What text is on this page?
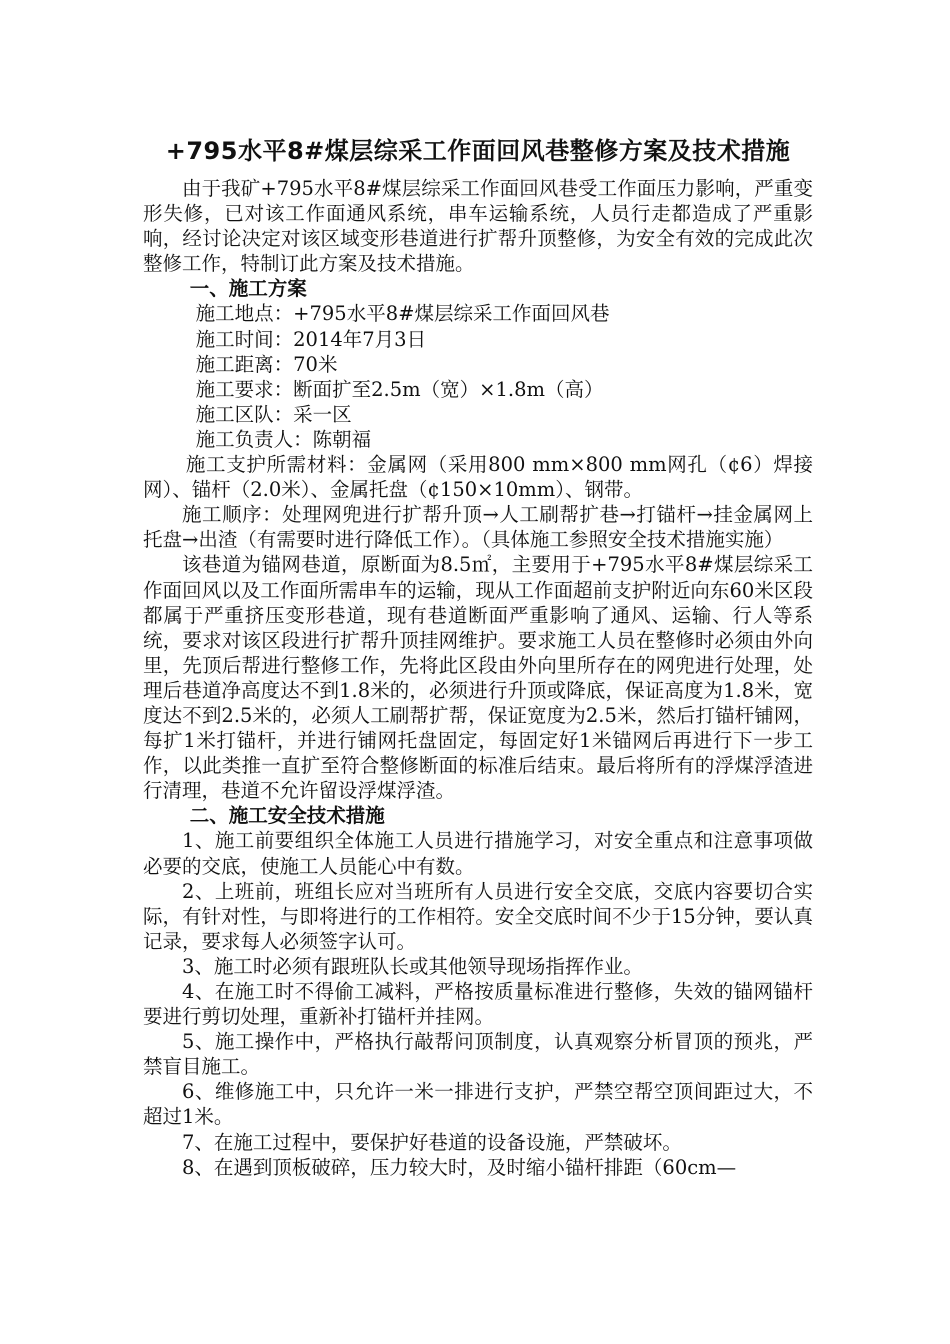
+795水平8#煤层综采工作面回风巷整修方案及技术措施

由于我矿+795水平8#煤层综采工作面回风巷受工作面压力影响，严重变形失修，已对该工作面通风系统，串车运输系统，人员行走都造成了严重影响，经讨论决定对该区域变形巷道进行扩帮升顶整修，为安全有效的完成此次整修工作，特制订此方案及技术措施。

一、施工方案

施工地点：+795水平8#煤层综采工作面回风巷

施工时间：2014年7月3日

施工距离：70米

施工要求：断面扩至2.5m（宽）×1.8m（高）

施工区队：采一区

施工负责人：陈朝福

施工支护所需材料：金属网（采用800 mm×800 mm网孔（¢6）焊接网）、锚杆（2.0米）、金属托盘（¢150×10mm）、钢带。

施工顺序：处理网兜进行扩帮升顶→人工刷帮扩巷→打锚杆→挂金属网上托盘→出渣（有需要时进行降低工作）。（具体施工参照安全技术措施实施）

该巷道为锚网巷道，原断面为8.5㎡，主要用于+795水平8#煤层综采工作面回风以及工作面所需串车的运输，现从工作面超前支护附近向东60米区段都属于严重挤压变形巷道，现有巷道断面严重影响了通风、运输、行人等系统，要求对该区段进行扩帮升顶挂网维护。要求施工人员在整修时必须由外向里，先顶后帮进行整修工作，先将此区段由外向里所存在的网兜进行处理，处理后巷道净高度达不到1.8米的，必须进行升顶或降底，保证高度为1.8米，宽度达不到2.5米的，必须人工刷帮扩帮，保证宽度为2.5米，然后打锚杆铺网，每扩1米打锚杆，并进行铺网托盘固定，每固定好1米锚网后再进行下一步工作，以此类推一直扩至符合整修断面的标准后结束。最后将所有的浮煤浮渣进行清理，巷道不允许留设浮煤浮渣。

二、施工安全技术措施

1、施工前要组织全体施工人员进行措施学习，对安全重点和注意事项做必要的交底，使施工人员能心中有数。

2、上班前，班组长应对当班所有人员进行安全交底，交底内容要切合实际，有针对性，与即将进行的工作相符。安全交底时间不少于15分钟，要认真记录，要求每人必须签字认可。

3、施工时必须有跟班队长或其他领导现场指挥作业。

4、在施工时不得偷工减料，严格按质量标准进行整修，失效的锚网锚杆要进行剪切处理，重新补打锚杆并挂网。

5、施工操作中，严格执行敲帮问顶制度，认真观察分析冒顶的预兆，严禁盲目施工。

6、维修施工中，只允许一米一排进行支护，严禁空帮空顶间距过大，不超过1米。

7、在施工过程中，要保护好巷道的设备设施，严禁破坏。

8、在遇到顶板破碎，压力较大时，及时缩小锚杆排距（60cm—
